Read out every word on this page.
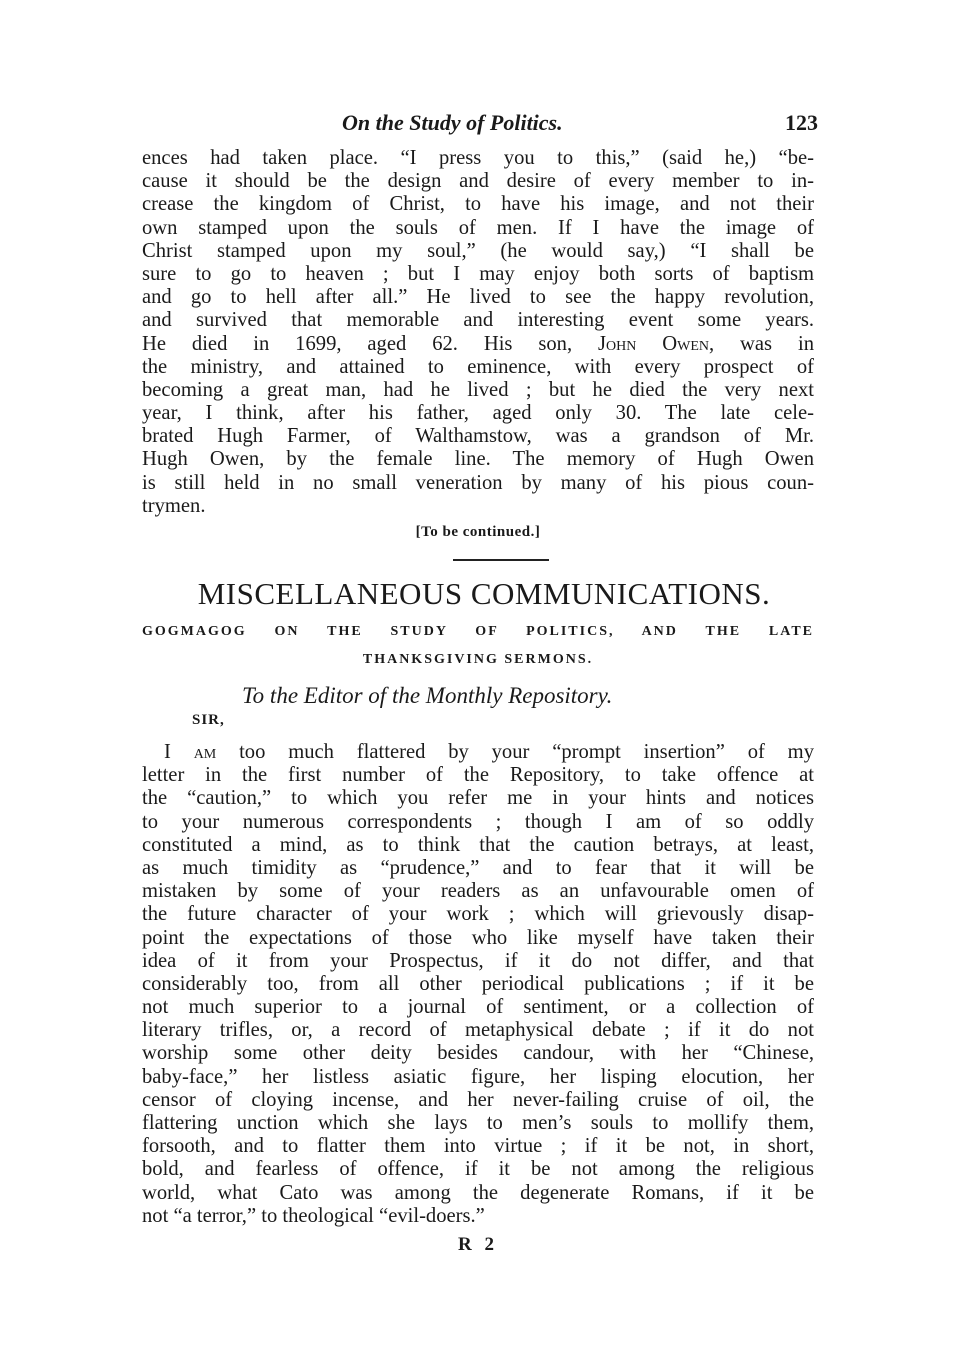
On the Study of Politics.	123
ences had taken place. “I press you to this,” (said he,) “be-
cause it should be the design and desire of every member to in-
crease the kingdom of Christ, to have his image, and not their
own stamped upon the souls of men. If I have the image of
Christ stamped upon my soul,” (he would say,) “I shall be
sure to go to heaven ; but I may enjoy both sorts of baptism
and go to hell after all.” He lived to see the happy revolution,
and survived that memorable and interesting event some years.
He died in 1699, aged 62. His son, John Owen, was in
the ministry, and attained to eminence, with every prospect of
becoming a great man, had he lived ; but he died the very next
year, I think, after his father, aged only 30. The late cele-
brated Hugh Farmer, of Walthamstow, was a grandson of Mr.
Hugh Owen, by the female line. The memory of Hugh Owen
is still held in no small veneration by many of his pious coun-
trymen.
[To be continued.]
MISCELLANEOUS COMMUNICATIONS.
GOGMAGOG ON THE STUDY OF POLITICS, AND THE LATE
THANKSGIVING SERMONS.
To the Editor of the Monthly Repository.
SIR,
I am too much flattered by your “prompt insertion” of my
letter in the first number of the Repository, to take offence at
the “caution,” to which you refer me in your hints and notices
to your numerous correspondents ; though I am of so oddly
constituted a mind, as to think that the caution betrays, at least,
as much timidity as “prudence,” and to fear that it will be
mistaken by some of your readers as an unfavourable omen of
the future character of your work ; which will grievously disap-
point the expectations of those who like myself have taken their
idea of it from your Prospectus, if it do not differ, and that
considerably too, from all other periodical publications ; if it be
not much superior to a journal of sentiment, or a collection of
literary trifles, or, a record of metaphysical debate ; if it do not
worship some other deity besides candour, with her “Chinese,
baby-face,” her listless asiatic figure, her lisping elocution, her
censor of cloying incense, and her never-failing cruise of oil, the
flattering unction which she lays to men’s souls to mollify them,
forsooth, and to flatter them into virtue ; if it be not, in short,
bold, and fearless of offence, if it be not among the religious
world, what Cato was among the degenerate Romans, if it be
not “a terror,” to theological “evil-doers.”
R 2
